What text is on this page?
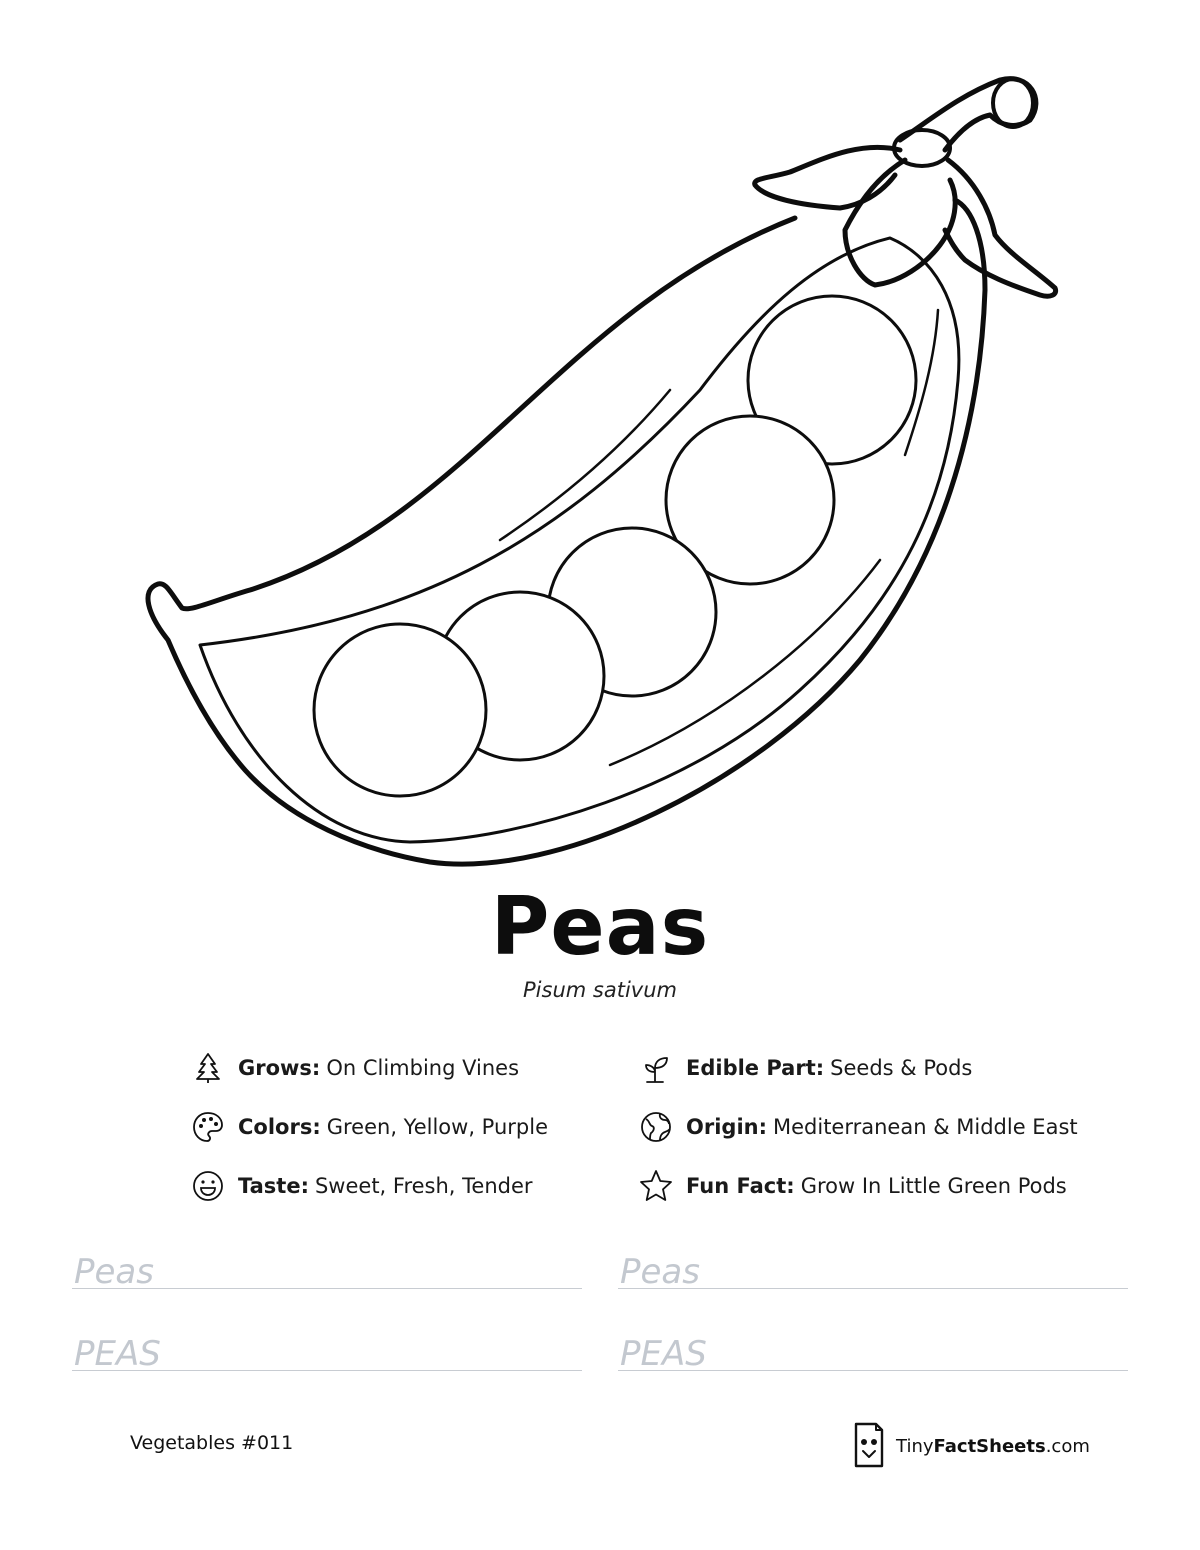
Peas
Pisum sativum
Grows: On Climbing Vines
Colors: Green, Yellow, Purple
Taste: Sweet, Fresh, Tender
Edible Part: Seeds & Pods
Origin: Mediterranean & Middle East
Fun Fact: Grow In Little Green Pods
Peas	Peas
PEAS	PEAS
Vegetables #011	TinyFactSheets.com
